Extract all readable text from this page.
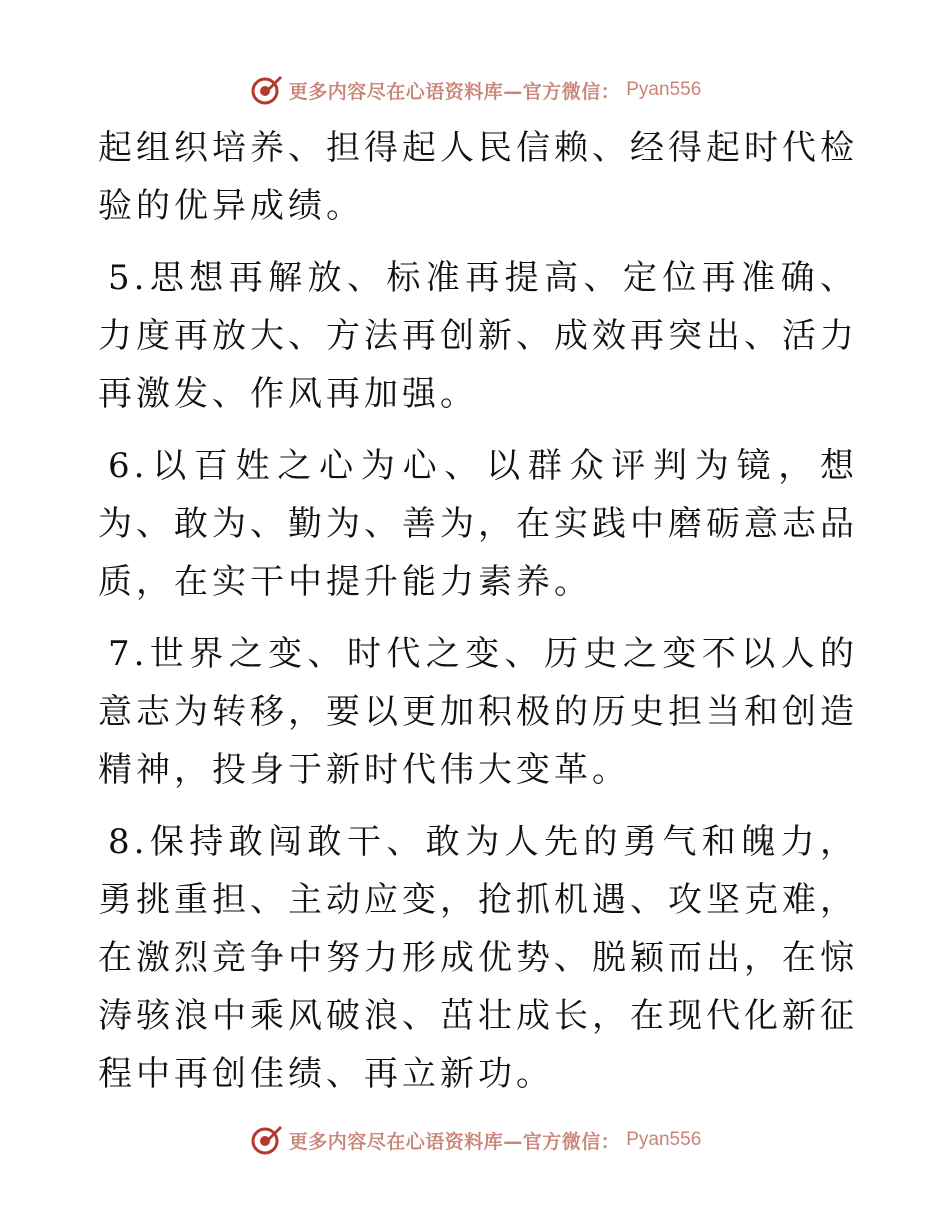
更多内容尽在心语资料库—官方微信： Pyan556

起组织培养、担得起人民信赖、经得起时代检验的优异成绩。

5.思想再解放、标准再提高、定位再准确、力度再放大、方法再创新、成效再突出、活力再激发、作风再加强。

6.以百姓之心为心、以群众评判为镜，想为、敢为、勤为、善为，在实践中磨砺意志品质，在实干中提升能力素养。

7.世界之变、时代之变、历史之变不以人的意志为转移，要以更加积极的历史担当和创造精神，投身于新时代伟大变革。

8.保持敢闯敢干、敢为人先的勇气和魄力，勇挑重担、主动应变，抢抓机遇、攻坚克难，在激烈竞争中努力形成优势、脱颖而出，在惊涛骇浪中乘风破浪、茁壮成长，在现代化新征程中再创佳绩、再立新功。

更多内容尽在心语资料库—官方微信： Pyan556
